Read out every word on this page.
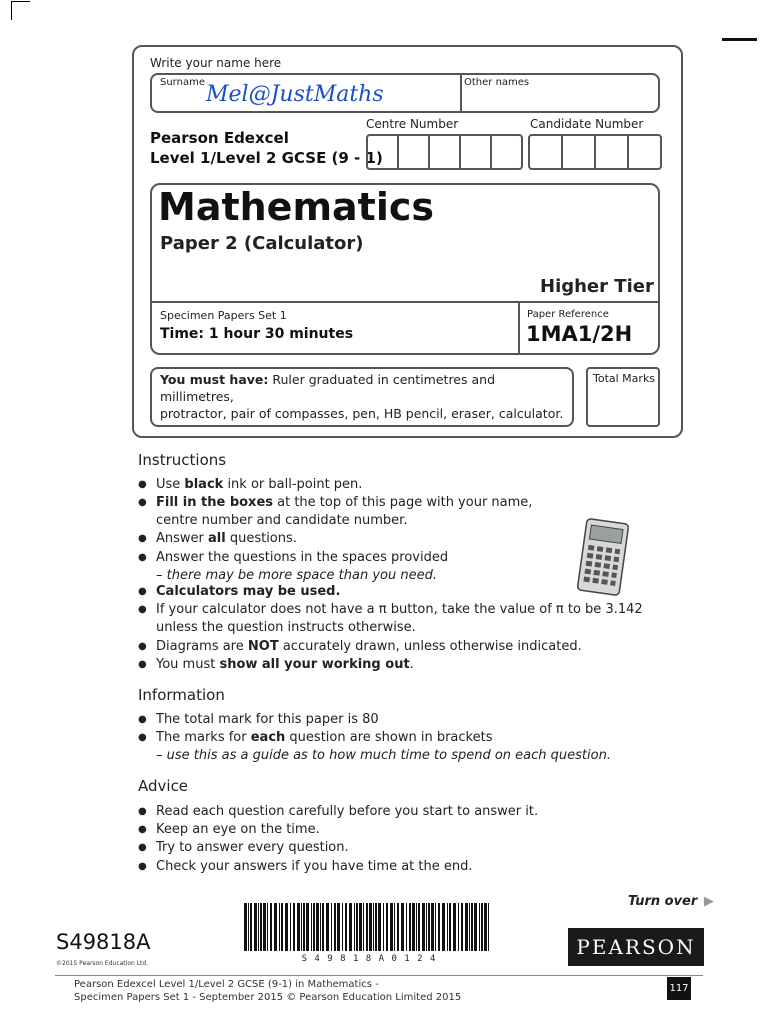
Write your name here
Surname Mel@JustMaths	Other names
Pearson Edexcel
Level 1/Level 2 GCSE (9 - 1)
Centre Number	Candidate Number
Mathematics
Paper 2 (Calculator)
Higher Tier
Specimen Papers Set 1
Time: 1 hour 30 minutes
Paper Reference
1MA1/2H
You must have: Ruler graduated in centimetres and millimetres,
protractor, pair of compasses, pen, HB pencil, eraser, calculator.
Total Marks
Instructions
● Use black ink or ball-point pen.
● Fill in the boxes at the top of this page with your name,
centre number and candidate number.
● Answer all questions.
● Answer the questions in the spaces provided
– there may be more space than you need.
● Calculators may be used.
● If your calculator does not have a π button, take the value of π to be 3.142
unless the question instructs otherwise.
● Diagrams are NOT accurately drawn, unless otherwise indicated.
● You must show all your working out.
Information
● The total mark for this paper is 80
● The marks for each question are shown in brackets
– use this as a guide as to how much time to spend on each question.
Advice
● Read each question carefully before you start to answer it.
● Keep an eye on the time.
● Try to answer every question.
● Check your answers if you have time at the end.
Turn over ▶
S49818A
©2015 Pearson Education Ltd.	S 4 9 8 1 8 A 0 1 2 4	PEARSON
Pearson Edexcel Level 1/Level 2 GCSE (9-1) in Mathematics -
Specimen Papers Set 1 - September 2015 © Pearson Education Limited 2015
117
